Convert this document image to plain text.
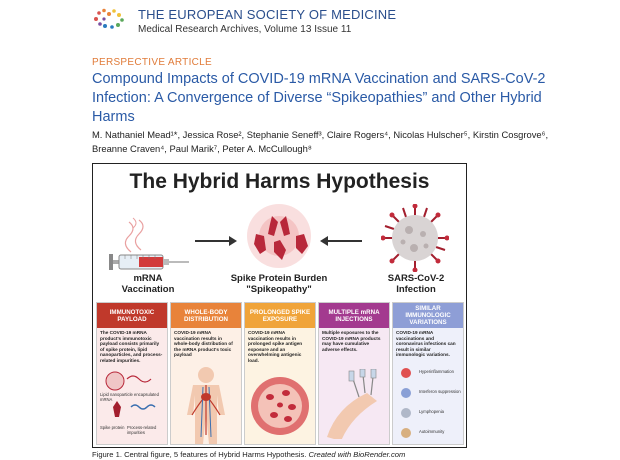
THE EUROPEAN SOCIETY OF MEDICINE
Medical Research Archives, Volume 13 Issue 11
PERSPECTIVE ARTICLE
Compound Impacts of COVID-19 mRNA Vaccination and SARS-CoV-2 Infection: A Convergence of Diverse “Spikeopathies” and Other Hybrid Harms
M. Nathaniel Mead¹*, Jessica Rose², Stephanie Seneff³, Claire Rogers⁴, Nicolas Hulscher⁵, Kirstin Cosgrove⁶,
Breanne Craven⁴, Paul Marik⁷, Peter A. McCullough⁸
The Hybrid Harms Hypothesis
mRNA
Vaccination
Spike Protein Burden
"Spikeopathy"
SARS-CoV-2
Infection
IMMUNOTOXIC PAYLOAD
The COVID-19 mRNA product's immunotoxic payload consists primarily of spike protein, lipid nanoparticles, and process-related impurities.
Lipid nanoparticle encapsulated mRNA
Spike protein Process-related impurities
WHOLE-BODY DISTRIBUTION
COVID-19 mRNA vaccination results in whole-body distribution of the mRNA product's toxic payload
PROLONGED SPIKE EXPOSURE
COVID-19 mRNA vaccination results in prolonged spike antigen exposure and an overwhelming antigenic load.
MULTIPLE mRNA INJECTIONS
Multiple exposures to the COVID-19 mRNA products may have cumulative adverse effects.
SIMILAR IMMUNOLOGIC VARIATIONS
COVID-19 mRNA vaccinations and coronavirus infections can result in similar immunologic variations.
Hyperinflammation
Interferon suppression
Lymphopenia
Autoimmunity
Figure 1. Central figure, 5 features of Hybrid Harms Hypothesis. Created with BioRender.com
